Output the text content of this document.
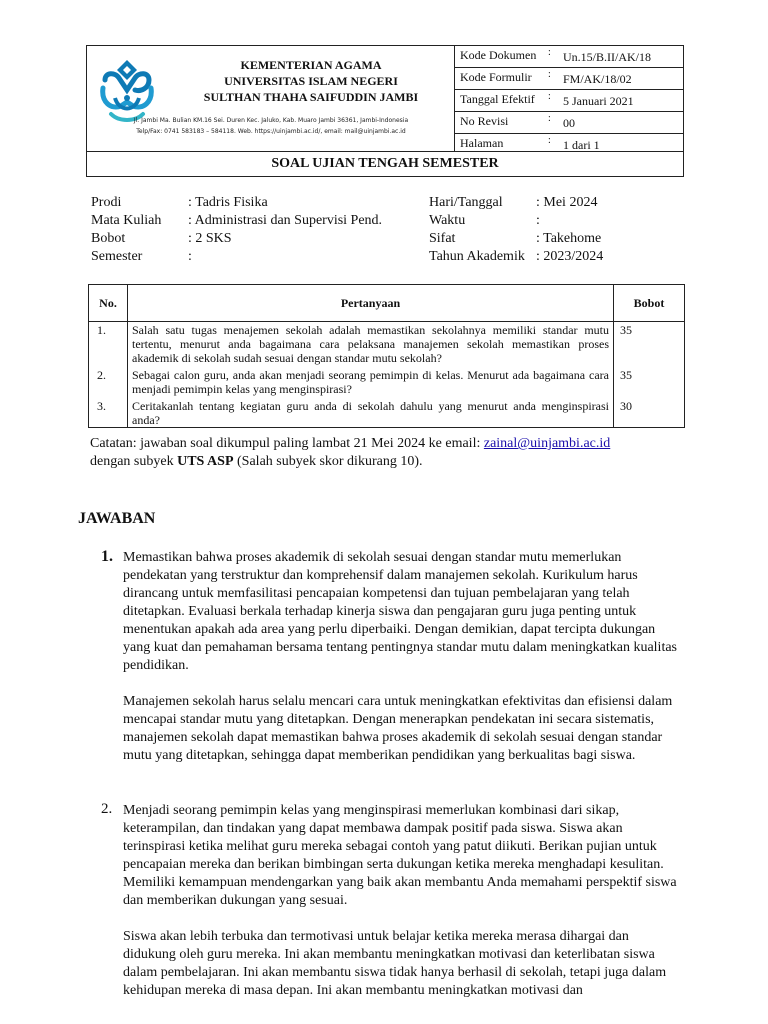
KEMENTERIAN AGAMA
UNIVERSITAS ISLAM NEGERI
SULTHAN THAHA SAIFUDDIN JAMBI
Jl. Jambi Ma. Bulian KM.16 Sei. Duren Kec. Jaluko, Kab. Muaro Jambi 36361, Jambi-Indonesia
Telp/Fax: 0741 583183 – 584118. Web. https://uinjambi.ac.id/, email: mail@uinjambi.ac.id
Kode Dokumen : Un.15/B.II/AK/18
Kode Formulir : FM/AK/18/02
Tanggal Efektif : 5 Januari 2021
No Revisi	: 00
Halaman	: 1 dari 1
SOAL UJIAN TENGAH SEMESTER
Prodi	: Tadris Fisika
Mata Kuliah : Administrasi dan Supervisi Pend.
Bobot	: 2 SKS
Semester	:
Hari/Tanggal : Mei 2024
Waktu	:
Sifat	: Takehome
Tahun Akademik : 2023/2024
No.	Pertanyaan	Bobot
1.	Salah satu tugas menajemen sekolah adalah memastikan sekolahnya memiliki standar mutu tertentu, menurut anda bagaimana cara pelaksana manajemen sekolah memastikan proses akademik di sekolah sudah sesuai dengan standar mutu sekolah?	35
2.	Sebagai calon guru, anda akan menjadi seorang pemimpin di kelas. Menurut ada bagaimana cara menjadi pemimpin kelas yang menginspirasi?	35
3.	Ceritakanlah tentang kegiatan guru anda di sekolah dahulu yang menurut anda menginspirasi anda?	30
Catatan: jawaban soal dikumpul paling lambat 21 Mei 2024 ke email: zainal@uinjambi.ac.id
dengan subyek UTS ASP (Salah subyek skor dikurang 10).
JAWABAN
1. Memastikan bahwa proses akademik di sekolah sesuai dengan standar mutu memerlukan pendekatan yang terstruktur dan komprehensif dalam manajemen sekolah. Kurikulum harus dirancang untuk memfasilitasi pencapaian kompetensi dan tujuan pembelajaran yang telah ditetapkan. Evaluasi berkala terhadap kinerja siswa dan pengajaran guru juga penting untuk menentukan apakah ada area yang perlu diperbaiki. Dengan demikian, dapat tercipta dukungan yang kuat dan pemahaman bersama tentang pentingnya standar mutu dalam meningkatkan kualitas pendidikan.

Manajemen sekolah harus selalu mencari cara untuk meningkatkan efektivitas dan efisiensi dalam mencapai standar mutu yang ditetapkan. Dengan menerapkan pendekatan ini secara sistematis, manajemen sekolah dapat memastikan bahwa proses akademik di sekolah sesuai dengan standar mutu yang ditetapkan, sehingga dapat memberikan pendidikan yang berkualitas bagi siswa.

2. Menjadi seorang pemimpin kelas yang menginspirasi memerlukan kombinasi dari sikap, keterampilan, dan tindakan yang dapat membawa dampak positif pada siswa. Siswa akan terinspirasi ketika melihat guru mereka sebagai contoh yang patut diikuti. Berikan pujian untuk pencapaian mereka dan berikan bimbingan serta dukungan ketika mereka menghadapi kesulitan. Memiliki kemampuan mendengarkan yang baik akan membantu Anda memahami perspektif siswa dan memberikan dukungan yang sesuai.

Siswa akan lebih terbuka dan termotivasi untuk belajar ketika mereka merasa dihargai dan didukung oleh guru mereka. Ini akan membantu meningkatkan motivasi dan keterlibatan siswa dalam pembelajaran. Ini akan membantu siswa tidak hanya berhasil di sekolah, tetapi juga dalam kehidupan mereka di masa depan. Ini akan membantu meningkatkan motivasi dan
